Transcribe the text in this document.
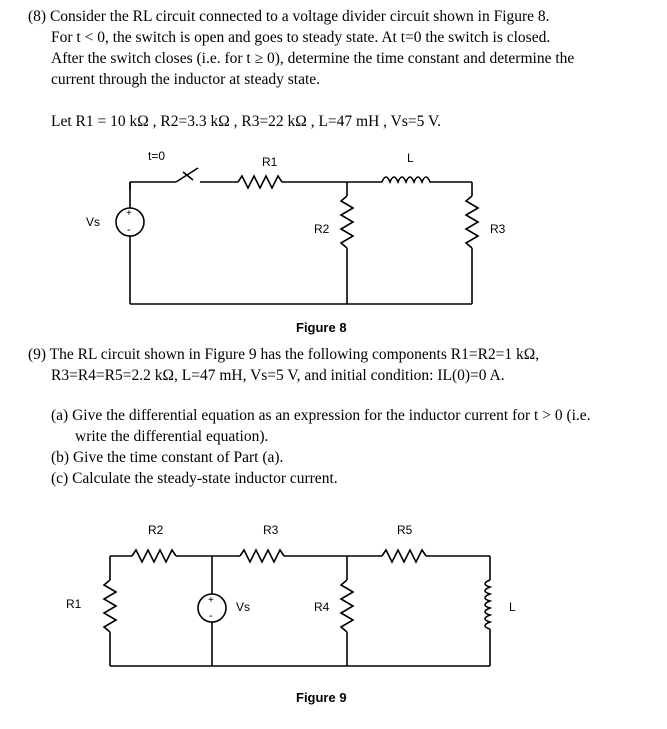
(8) Consider the RL circuit connected to a voltage divider circuit shown in Figure 8.
For t < 0, the switch is open and goes to steady state. At t=0 the switch is closed.
After the switch closes (i.e. for t ≥ 0), determine the time constant and determine the
current through the inductor at steady state.
Let R1 = 10 kΩ , R2=3.3 kΩ , R3=22 kΩ , L=47 mH , Vs=5 V.
t=0	R1	L
Vs
+
-	R2	R3
Figure 8
(9) The RL circuit shown in Figure 9 has the following components R1=R2=1 kΩ,
R3=R4=R5=2.2 kΩ, L=47 mH, Vs=5 V, and initial condition: IL(0)=0 A.
(a) Give the differential equation as an expression for the inductor current for t > 0 (i.e.
write the differential equation).
(b) Give the time constant of Part (a).
(c) Calculate the steady-state inductor current.
R1
R2	R3	R5
Vs
+
-
R4	L
Figure 9
